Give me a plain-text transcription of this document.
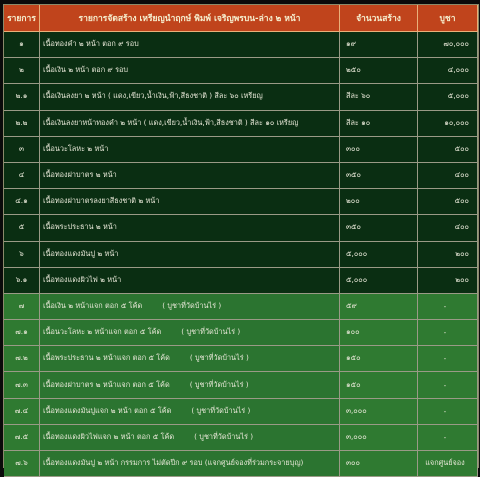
รายการ	รายการจัดสร้าง เหรียญนำฤกษ์ พิมพ์ เจริญพรบน-ล่าง ๒ หน้า	จำนวนสร้าง	บูชา
๑	เนื้อทองคำ ๒ หน้า ตอก ๙ รอบ	๑๙	๗๐,๐๐๐
๒	เนื้อเงิน ๒ หน้า ตอก ๙ รอบ	๒๕๐	๔,๐๐๐
๒.๑	เนื้อเงินลงยา ๒ หน้า ( แดง,เขียว,น้ำเงิน,ฟ้า,สีธงชาติ ) สีละ ๖๐ เหรียญ	สีละ ๖๐	๕,๐๐๐
๒.๒	เนื้อเงินลงยาหน้าทองคำ ๒ หน้า ( แดง,เขียว,น้ำเงิน,ฟ้า,สีธงชาติ ) สีละ ๑๐ เหรียญ	สีละ ๑๐	๑๐,๐๐๐
๓	เนื้อนวะโลหะ ๒ หน้า	๓๐๐	๕๐๐
๔	เนื้อทองฝาบาตร ๒ หน้า	๓๕๐	๔๐๐
๔.๑	เนื้อทองฝาบาตรลงยาสีธงชาติ ๒ หน้า	๒๐๐	๕๐๐
๕	เนื้อพระประธาน ๒ หน้า	๓๕๐	๔๐๐
๖	เนื้อทองแดงมันปู ๒ หน้า	๕,๐๐๐	๒๐๐
๖.๑	เนื้อทองแดงผิวไฟ ๒ หน้า	๕,๐๐๐	๒๐๐
๗	เนื้อเงิน ๒ หน้าแจก ตอก ๕ โค้ด ( บูชาที่วัดบ้านไร่ )	๕๙	-
๗.๑	เนื้อนวะโลหะ ๒ หน้าแจก ตอก ๕ โค้ด ( บูชาที่วัดบ้านไร่ )	๑๐๐	-
๗.๒	เนื้อพระประธาน ๒ หน้าแจก ตอก ๕ โค้ด ( บูชาที่วัดบ้านไร่ )	๑๕๐	-
๗.๓	เนื้อทองฝาบาตร ๒ หน้าแจก ตอก ๕ โค้ด ( บูชาที่วัดบ้านไร่ )	๑๕๐	-
๗.๔	เนื้อทองแดงมันปูแจก ๒ หน้า ตอก ๕ โค้ด ( บูชาที่วัดบ้านไร่ )	๓,๐๐๐	-
๗.๕	เนื้อทองแดงผิวไฟแจก ๒ หน้า ตอก ๕ โค้ด ( บูชาที่วัดบ้านไร่ )	๓,๐๐๐	-
๗.๖	เนื้อทองแดงมันปู ๒ หน้า กรรมการ ไม่ตัดปีก ๙ รอบ (แจกศูนย์จองที่ร่วมกระจายบุญ)	๓๐๐	แจกศูนย์จอง
